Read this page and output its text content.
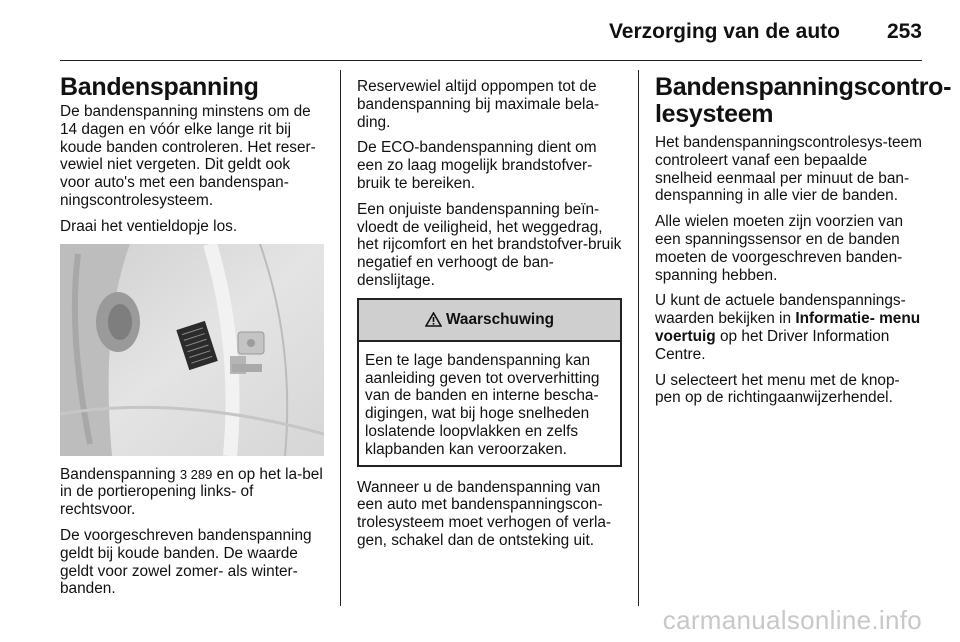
Verzorging van de auto 253
Bandenspanning

De bandenspanning minstens om de 14 dagen en vóór elke lange rit bij koude banden controleren. Het reser-vewiel niet vergeten. Dit geldt ook voor auto's met een bandenspan-ningscontrolesysteem.

Draai het ventieldopje los.

Bandenspanning 3 289 en op het la-bel in de portieropening links- of rechtsvoor.

De voorgeschreven bandenspanning geldt bij koude banden. De waarde geldt voor zowel zomer- als winter-banden.

Reservewiel altijd oppompen tot de bandenspanning bij maximale bela-ding.

De ECO-bandenspanning dient om een zo laag mogelijk brandstofver-bruik te bereiken.

Een onjuiste bandenspanning beïn-vloedt de veiligheid, het weggedrag, het rijcomfort en het brandstofver-bruik negatief en verhoogt de ban-denslijtage.

Waarschuwing
Een te lage bandenspanning kan aanleiding geven tot oververhitting van de banden en interne bescha-digingen, wat bij hoge snelheden loslatende loopvlakken en zelfs klapbanden kan veroorzaken.

Wanneer u de bandenspanning van een auto met bandenspanningscon-trolesysteem moet verhogen of verla-gen, schakel dan de ontsteking uit.

Bandenspanningscontro-lesysteem

Het bandenspanningscontrolesys-teem controleert vanaf een bepaalde snelheid eenmaal per minuut de ban-denspanning in alle vier de banden.

Alle wielen moeten zijn voorzien van een spanningssensor en de banden moeten de voorgeschreven banden-spanning hebben.

U kunt de actuele bandenspannings-waarden bekijken in Informatie- menu voertuig op het Driver Information Centre.

U selecteert het menu met de knop-pen op de richtingaanwijzerhendel.

carmanualsonline.info
